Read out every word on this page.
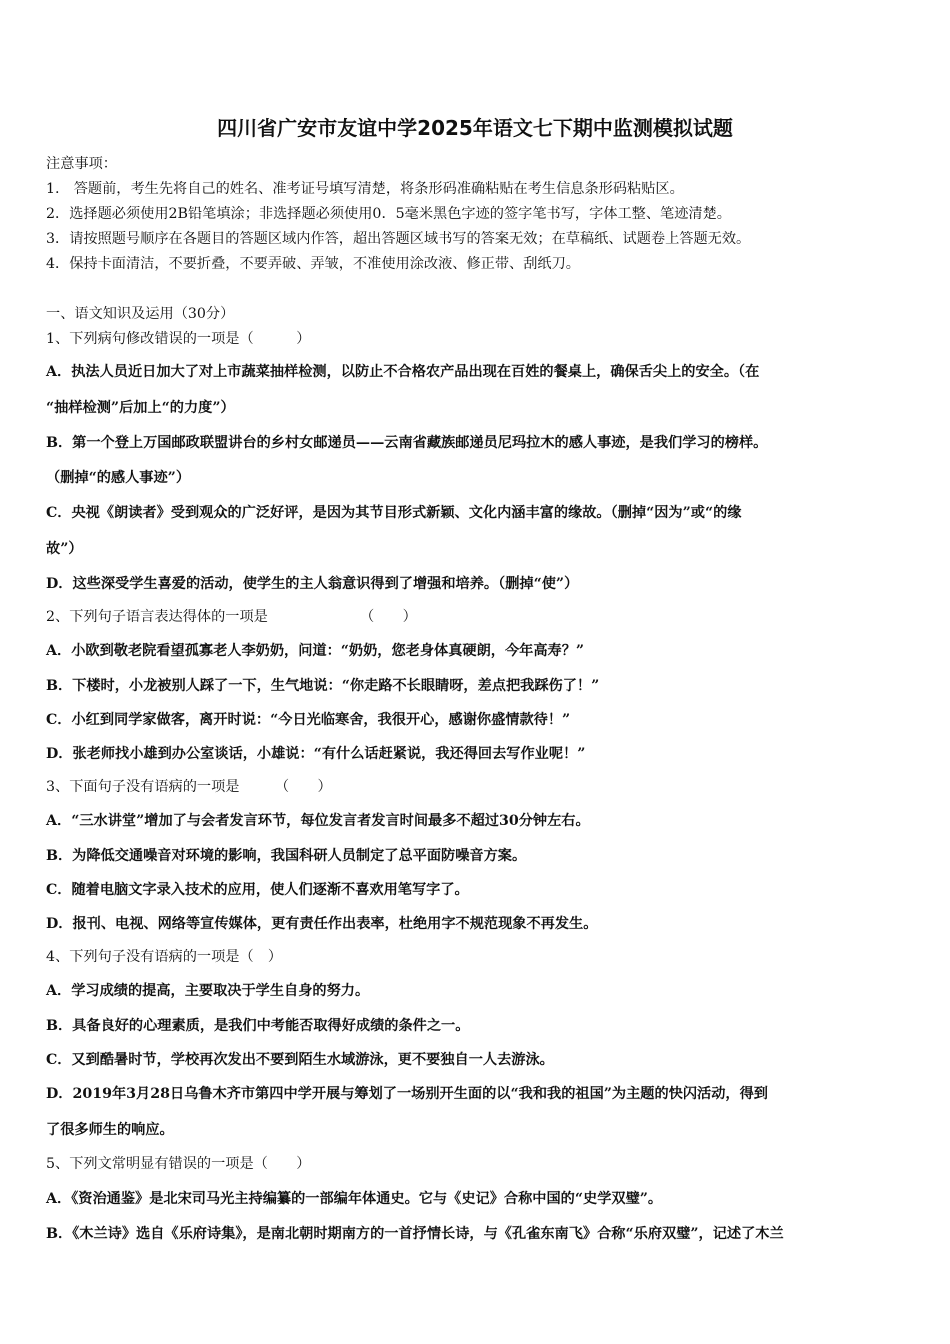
四川省广安市友谊中学2025年语文七下期中监测模拟试题
注意事项：
1.　答题前，考生先将自己的姓名、准考证号填写清楚，将条形码准确粘贴在考生信息条形码粘贴区。
2．选择题必须使用2B铅笔填涂；非选择题必须使用0．5毫米黑色字迹的签字笔书写，字体工整、笔迹清楚。
3．请按照题号顺序在各题目的答题区域内作答，超出答题区域书写的答案无效；在草稿纸、试题卷上答题无效。
4．保持卡面清洁，不要折叠，不要弄破、弄皱，不准使用涂改液、修正带、刮纸刀。
一、语文知识及运用（30分）
1、下列病句修改错误的一项是（　　　）
A．执法人员近日加大了对上市蔬菜抽样检测，以防止不合格农产品出现在百姓的餐桌上，确保舌尖上的安全。（在
“抽样检测”后加上“的力度”）
B．第一个登上万国邮政联盟讲台的乡村女邮递员——云南省藏族邮递员尼玛拉木的感人事迹，是我们学习的榜样。
（删掉“的感人事迹”）
C．央视《朗读者》受到观众的广泛好评，是因为其节目形式新颖、文化内涵丰富的缘故。（删掉“因为”或“的缘
故”）
D．这些深受学生喜爱的活动，使学生的主人翁意识得到了增强和培养。（删掉“使”）
2、下列句子语言表达得体的一项是　　　　　　　（　　）
A．小欧到敬老院看望孤寡老人李奶奶，问道：“奶奶，您老身体真硬朗，今年高寿？”
B．下楼时，小龙被别人踩了一下，生气地说：“你走路不长眼睛呀，差点把我踩伤了！”
C．小红到同学家做客，离开时说：“今日光临寒舍，我很开心，感谢你盛情款待！”
D．张老师找小雄到办公室谈话，小雄说：“有什么话赶紧说，我还得回去写作业呢！”
3、下面句子没有语病的一项是　　　（　　）
A．“三水讲堂”增加了与会者发言环节，每位发言者发言时间最多不超过30分钟左右。
B．为降低交通噪音对环境的影响，我国科研人员制定了总平面防噪音方案。
C．随着电脑文字录入技术的应用，使人们逐渐不喜欢用笔写字了。
D．报刊、电视、网络等宣传媒体，更有责任作出表率，杜绝用字不规范现象不再发生。
4、下列句子没有语病的一项是（　）
A．学习成绩的提高，主要取决于学生自身的努力。
B．具备良好的心理素质，是我们中考能否取得好成绩的条件之一。
C．又到酷暑时节，学校再次发出不要到陌生水域游泳，更不要独自一人去游泳。
D．2019年3月28日乌鲁木齐市第四中学开展与筹划了一场别开生面的以“我和我的祖国”为主题的快闪活动，得到
了很多师生的响应。
5、下列文常明显有错误的一项是（　　）
A．《资治通鉴》是北宋司马光主持编纂的一部编年体通史。它与《史记》合称中国的“史学双璧”。
B．《木兰诗》选自《乐府诗集》，是南北朝时期南方的一首抒情长诗，与《孔雀东南飞》合称“乐府双璧”，记述了木兰
